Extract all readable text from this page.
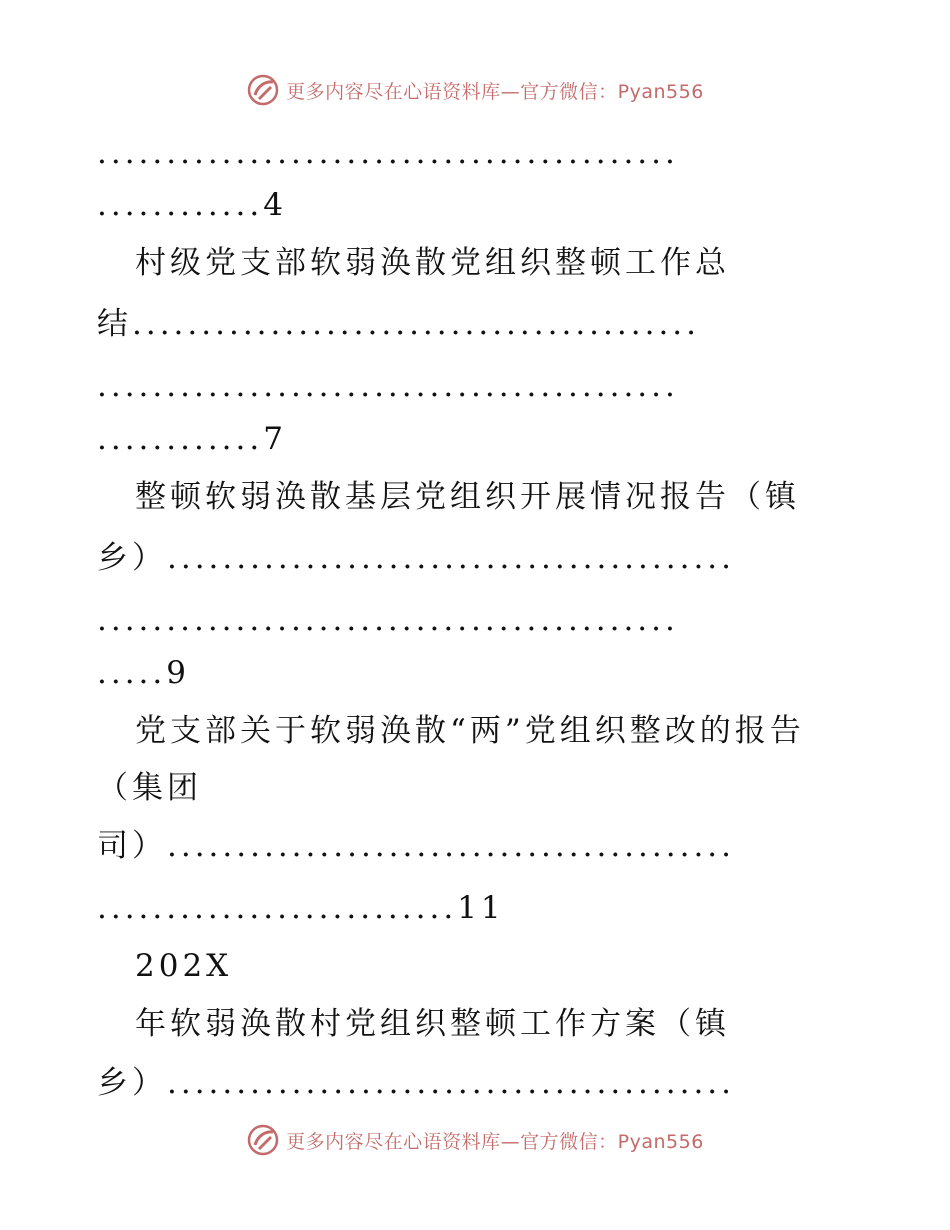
更多内容尽在心语资料库—官方微信：Pyan556
..........................................
............4
村级党支部软弱涣散党组织整顿工作总
结.........................................
..........................................
............7
整顿软弱涣散基层党组织开展情况报告（镇
乡）.........................................
..........................................
.....9
党支部关于软弱涣散“两”党组织整改的报告
（集团
司）.........................................
..........................11
202X
年软弱涣散村党组织整顿工作方案（镇
乡）.........................................
更多内容尽在心语资料库—官方微信：Pyan556
